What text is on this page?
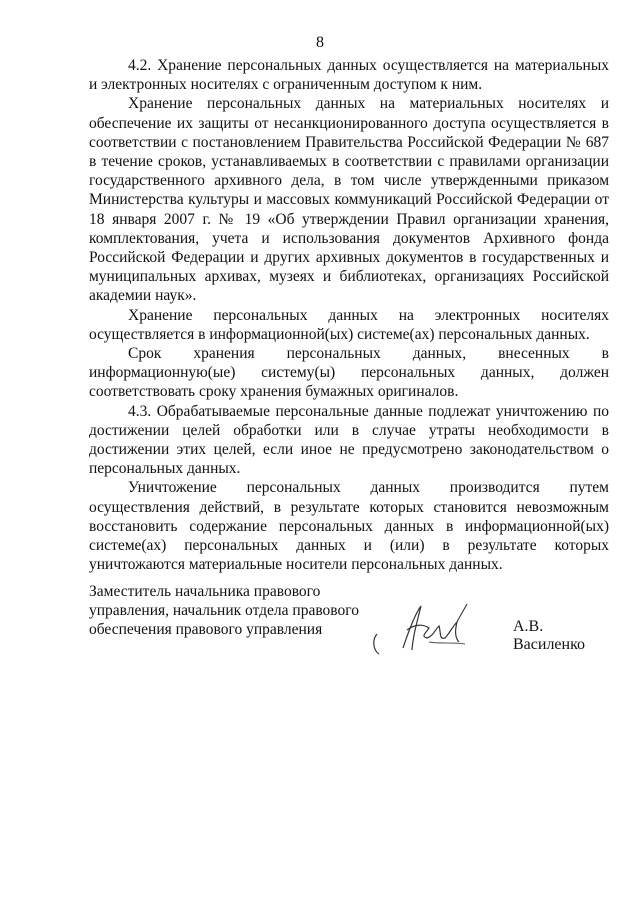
8

4.2. Хранение персональных данных осуществляется на материальных и электронных носителях с ограниченным доступом к ним.

Хранение персональных данных на материальных носителях и обеспечение их защиты от несанкционированного доступа осуществляется в соответствии с постановлением Правительства Российской Федерации № 687 в течение сроков, устанавливаемых в соответствии с правилами организации государственного архивного дела, в том числе утвержденными приказом Министерства культуры и массовых коммуникаций Российской Федерации от 18 января 2007 г. № 19 «Об утверждении Правил организации хранения, комплектования, учета и использования документов Архивного фонда Российской Федерации и других архивных документов в государственных и муниципальных архивах, музеях и библиотеках, организациях Российской академии наук».

Хранение персональных данных на электронных носителях осуществляется в информационной(ых) системе(ах) персональных данных.

Срок хранения персональных данных, внесенных в информационную(ые) систему(ы) персональных данных, должен соответствовать сроку хранения бумажных оригиналов.

4.3. Обрабатываемые персональные данные подлежат уничтожению по достижении целей обработки или в случае утраты необходимости в достижении этих целей, если иное не предусмотрено законодательством о персональных данных.

Уничтожение персональных данных производится путем осуществления действий, в результате которых становится невозможным восстановить содержание персональных данных в информационной(ых) системе(ах) персональных данных и (или) в результате которых уничтожаются материальные носители персональных данных.

Заместитель начальника правового
управления, начальник отдела правового
обеспечения правового управления	А.В. Василенко
